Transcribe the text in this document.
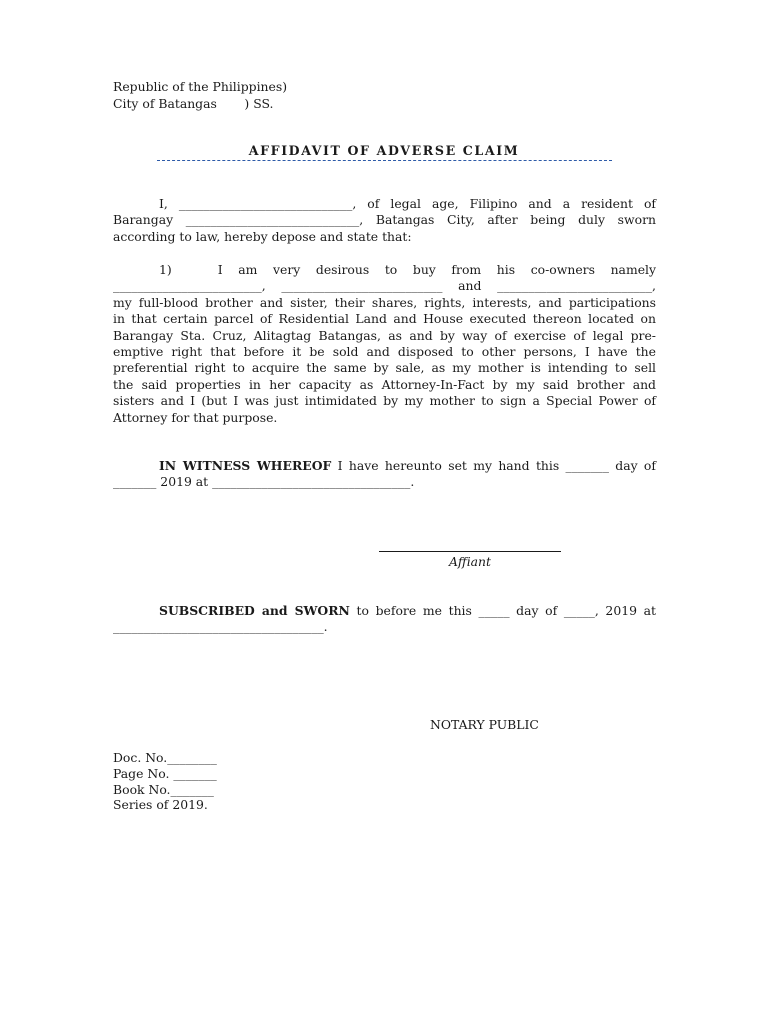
Republic of the Philippines)
City of Batangas       ) SS.
AFFIDAVIT OF ADVERSE CLAIM
I, ____________________________, of legal age, Filipino and a resident of
Barangay ____________________________, Batangas City, after being duly sworn
according to law, hereby depose and state that:
1)	I am very desirous to buy from his co-owners namely
________________________, __________________________ and _________________________,
my full-blood brother and sister, their shares, rights, interests, and participations
in that certain parcel of Residential Land and House executed thereon located on
Barangay Sta. Cruz, Alitagtag Batangas, as and by way of exercise of legal pre-
emptive right that before it be sold and disposed to other persons, I have the
preferential right to acquire the same by sale, as my mother is intending to sell
the said properties in her capacity as Attorney-In-Fact by my said brother and
sisters and I (but I was just intimidated by my mother to sign a Special Power of
Attorney for that purpose.
IN WITNESS WHEREOF I have hereunto set my hand this _______ day of
_______ 2019 at ________________________________.
Affiant
SUBSCRIBED and SWORN to before me this _____ day of _____, 2019 at
__________________________________.
NOTARY PUBLIC
Doc. No.________
Page No. _______
Book No._______
Series of 2019.
